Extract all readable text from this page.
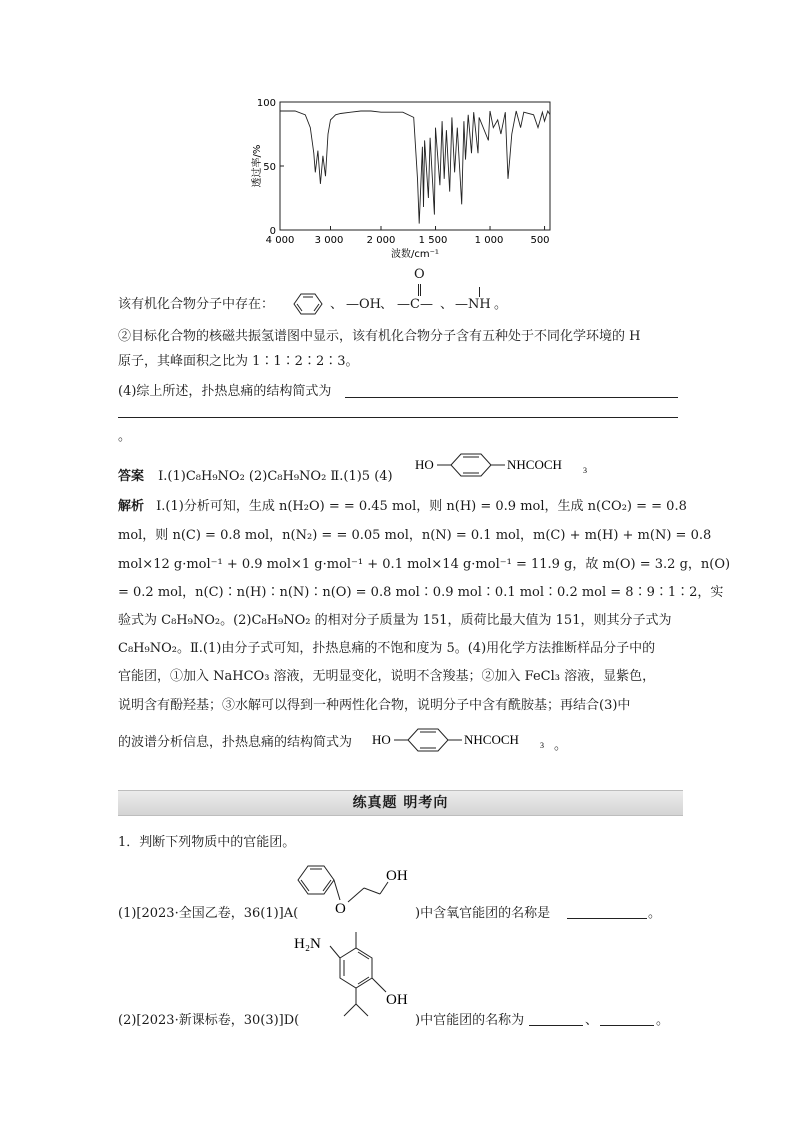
100
50
0
4 000 3 000 2 000 1 500	1 000	500
波数/cm⁻¹
透过率/%
该有机化合物分子中存在：	、 —OH 、
O
—C— 、 —NH 。
②目标化合物的核磁共振氢谱图中显示，该有机化合物分子含有五种处于不同化学环境的 H
原子，其峰面积之比为 1∶1∶2∶2∶3。
(4)综上所述，扑热息痛的结构简式为
。
答案 Ⅰ.(1)C₈H₉NO₂ (2)C₈H₉NO₂ Ⅱ.(1)5 (4)
HO	NHCOCH	3
解析 Ⅰ.(1)分析可知，生成 n(H₂O) = = 0.45 mol，则 n(H) = 0.9 mol，生成 n(CO₂) = = 0.8
mol，则 n(C) = 0.8 mol，n(N₂) = = 0.05 mol，n(N) = 0.1 mol，m(C) + m(H) + m(N) = 0.8
mol×12 g·mol⁻¹ + 0.9 mol×1 g·mol⁻¹ + 0.1 mol×14 g·mol⁻¹ = 11.9 g，故 m(O) = 3.2 g，n(O)
= 0.2 mol，n(C)∶n(H)∶n(N)∶n(O) = 0.8 mol∶0.9 mol∶0.1 mol∶0.2 mol = 8∶9∶1∶2，实
验式为 C₈H₉NO₂。(2)C₈H₉NO₂ 的相对分子质量为 151，质荷比最大值为 151，则其分子式为
C₈H₉NO₂。Ⅱ.(1)由分子式可知，扑热息痛的不饱和度为 5。(4)用化学方法推断样品分子中的
官能团，①加入 NaHCO₃ 溶液，无明显变化，说明不含羧基；②加入 FeCl₃ 溶液，显紫色，
说明含有酚羟基；③水解可以得到一种两性化合物，说明分子中含有酰胺基；再结合(3)中
的波谱分析信息，扑热息痛的结构简式为 HO	NHCOCH	3 。
练真题 明考向
1．判断下列物质中的官能团。
O
OH
(1)[2023·全国乙卷，36(1)]A(	)中含氧官能团的名称是	。
H₂N
OH
(2)[2023·新课标卷，30(3)]D(	)中官能团的名称为	、	。
